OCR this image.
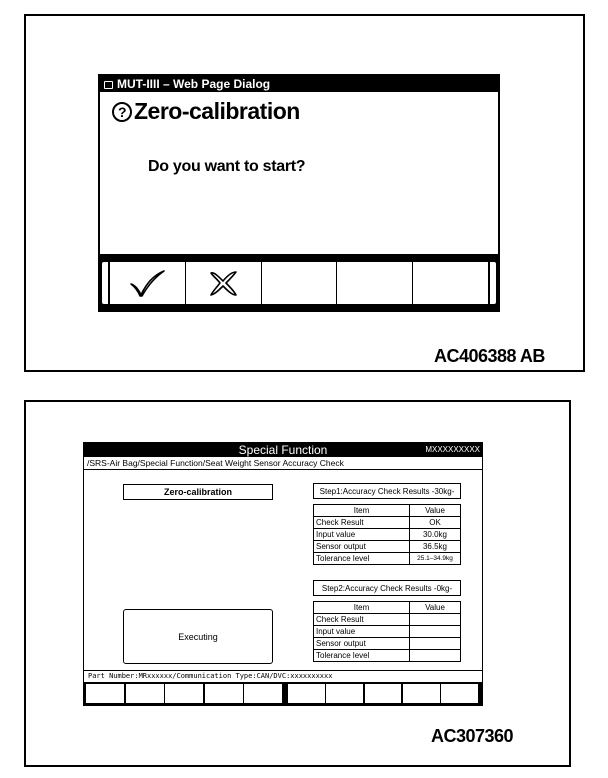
MUT-IIII – Web Page Dialog
? Zero-calibration
Do you want to start?
AC406388 AB
AC307360
Special Function	MXXXXXXXXX
/SRS-Air Bag/Special Function/Seat Weight Sensor Accuracy Check
Zero-calibration
Executing
Step1:Accuracy Check Results -30kg-	

Item	Value
Check Result	OK
Input value	30.0kg
Sensor output	36.5kg
Tolerance level	25.1–34.9kg
Step2:Accuracy Check Results -0kg-	

Item	Value
Check Result	
Input value	
Sensor output	
Tolerance level	
Part Number:MRxxxxxx/Communication Type:CAN/DVC:xxxxxxxxxx
